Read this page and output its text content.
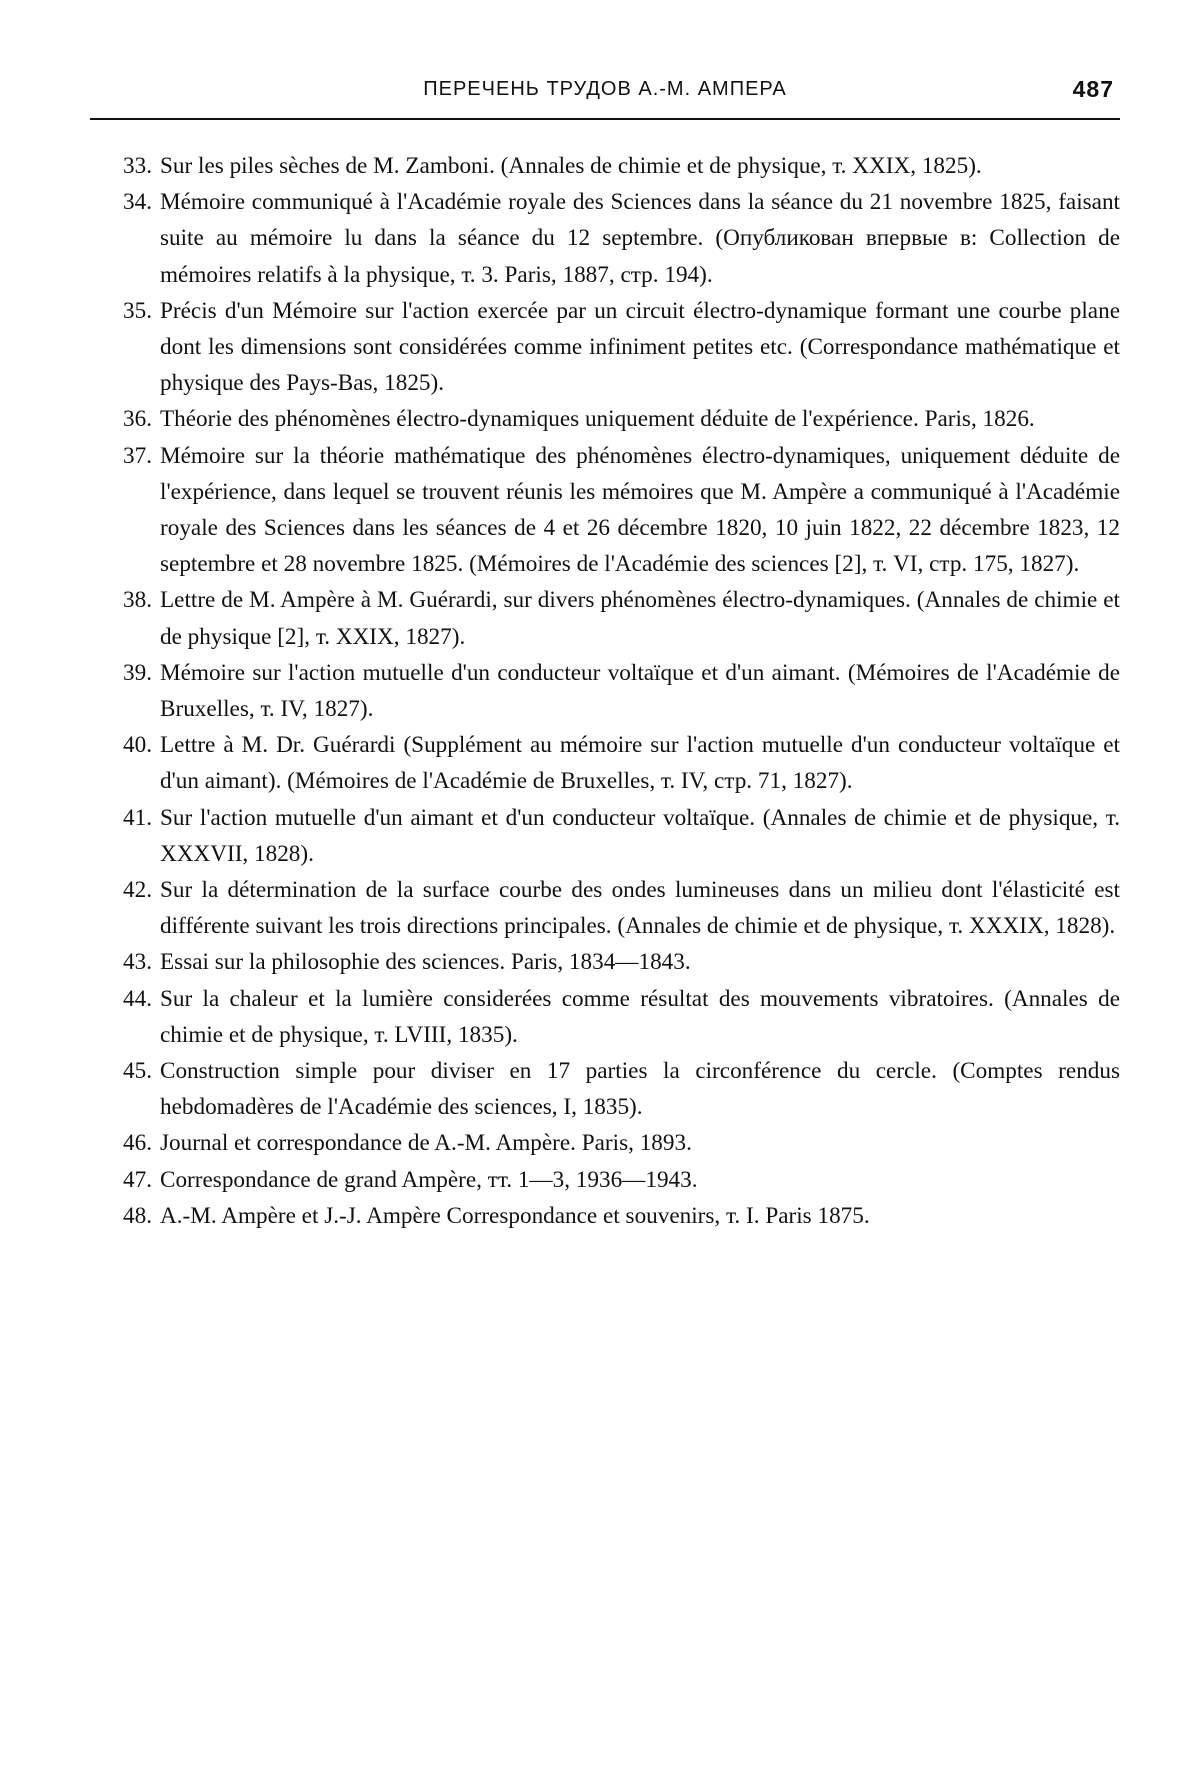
ПЕРЕЧЕНЬ ТРУДОВ А.-М. АМПЕРА	487
33. Sur les piles sèches de M. Zamboni. (Annales de chimie et de physique, т. XXIX, 1825).
34. Mémoire communiqué à l'Académie royale des Sciences dans la séance du 21 novembre 1825, faisant suite au mémoire lu dans la séance du 12 septembre. (Опубликован впервые в: Collection de mémoires relatifs à la physique, т. 3. Paris, 1887, стр. 194).
35. Précis d'un Mémoire sur l'action exercée par un circuit électro-dynamique formant une courbe plane dont les dimensions sont considérées comme infiniment petites etc. (Correspondance mathématique et physique des Pays-Bas, 1825).
36. Théorie des phénomènes électro-dynamiques uniquement déduite de l'expérience. Paris, 1826.
37. Mémoire sur la théorie mathématique des phénomènes électro-dynamiques, uniquement déduite de l'expérience, dans lequel se trouvent réunis les mémoires que M. Ampère a communiqué à l'Académie royale des Sciences dans les séances de 4 et 26 décembre 1820, 10 juin 1822, 22 décembre 1823, 12 septembre et 28 novembre 1825. (Mémoires de l'Académie des sciences [2], т. VI, стр. 175, 1827).
38. Lettre de M. Ampère à M. Guérardi, sur divers phénomènes électro-dynamiques. (Annales de chimie et de physique [2], т. XXIX, 1827).
39. Mémoire sur l'action mutuelle d'un conducteur voltaïque et d'un aimant. (Mémoires de l'Académie de Bruxelles, т. IV, 1827).
40. Lettre à M. Dr. Guérardi (Supplément au mémoire sur l'action mutuelle d'un conducteur voltaïque et d'un aimant). (Mémoires de l'Académie de Bruxelles, т. IV, стр. 71, 1827).
41. Sur l'action mutuelle d'un aimant et d'un conducteur voltaïque. (Annales de chimie et de physique, т. XXXVII, 1828).
42. Sur la détermination de la surface courbe des ondes lumineuses dans un milieu dont l'élasticité est différente suivant les trois directions principales. (Annales de chimie et de physique, т. XXXIX, 1828).
43. Essai sur la philosophie des sciences. Paris, 1834—1843.
44. Sur la chaleur et la lumière considerées comme résultat des mouvements vibratoires. (Annales de chimie et de physique, т. LVIII, 1835).
45. Construction simple pour diviser en 17 parties la circonférence du cercle. (Comptes rendus hebdomadères de l'Académie des sciences, I, 1835).
46. Journal et correspondance de A.-M. Ampère. Paris, 1893.
47. Correspondance de grand Ampère, тт. 1—3, 1936—1943.
48. A.-M. Ampère et J.-J. Ampère Correspondance et souvenirs, т. I. Paris 1875.
